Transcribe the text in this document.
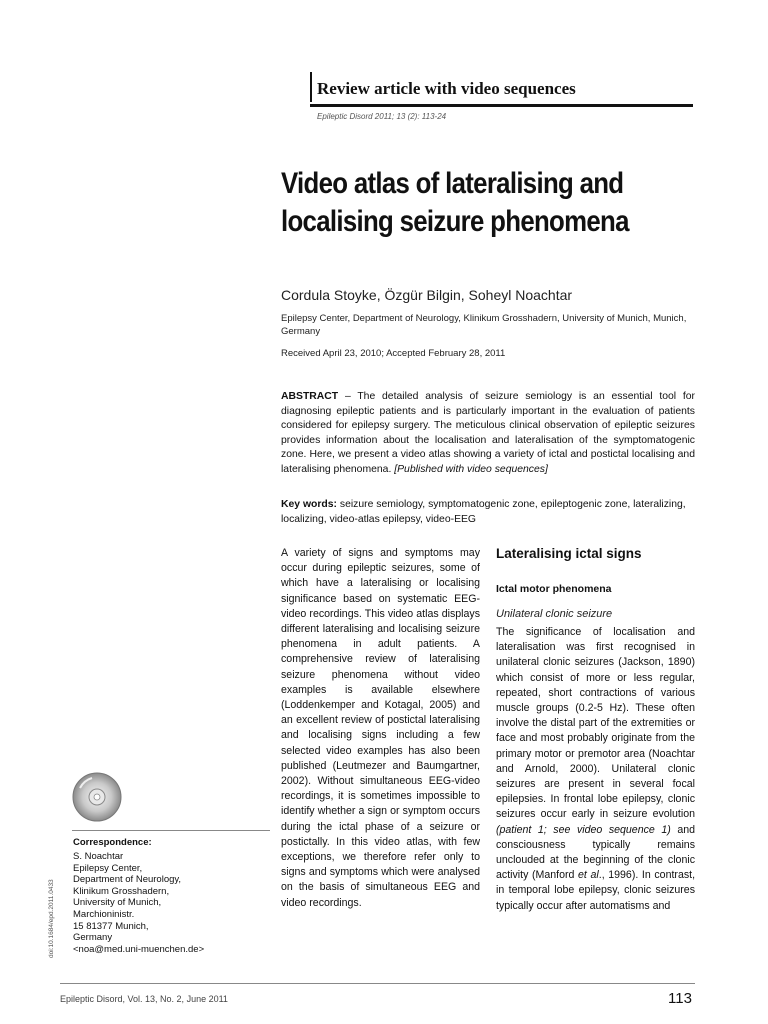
Review article with video sequences
Epileptic Disord 2011; 13 (2): 113-24
Video atlas of lateralising and localising seizure phenomena
Cordula Stoyke, Özgür Bilgin, Soheyl Noachtar
Epilepsy Center, Department of Neurology, Klinikum Grosshadern, University of Munich, Munich, Germany
Received April 23, 2010; Accepted February 28, 2011
ABSTRACT – The detailed analysis of seizure semiology is an essential tool for diagnosing epileptic patients and is particularly important in the evaluation of patients considered for epilepsy surgery. The meticulous clinical observation of epileptic seizures provides information about the localisation and lateralisation of the symptomatogenic zone. Here, we present a video atlas showing a variety of ictal and postictal localising and lateralising phenomena. [Published with video sequences]
Key words: seizure semiology, symptomatogenic zone, epileptogenic zone, lateralizing, localizing, video-atlas epilepsy, video-EEG
A variety of signs and symptoms may occur during epileptic seizures, some of which have a lateralising or localising significance based on systematic EEG-video recordings. This video atlas displays different lateralising and localising seizure phenomena in adult patients. A comprehensive review of lateralising seizure phenomena without video examples is available elsewhere (Loddenkemper and Kotagal, 2005) and an excellent review of postictal lateralising and localising signs including a few selected video examples has also been published (Leutmezer and Baumgartner, 2002). Without simultaneous EEG-video recordings, it is sometimes impossible to identify whether a sign or symptom occurs during the ictal phase of a seizure or postictally. In this video atlas, with few exceptions, we therefore refer only to signs and symptoms which were analysed on the basis of simultaneous EEG and video recordings.
Lateralising ictal signs
Ictal motor phenomena
Unilateral clonic seizure
The significance of localisation and lateralisation was first recognised in unilateral clonic seizures (Jackson, 1890) which consist of more or less regular, repeated, short contractions of various muscle groups (0.2-5 Hz). These often involve the distal part of the extremities or face and most probably originate from the primary motor or premotor area (Noachtar and Arnold, 2000). Unilateral clonic seizures are present in several focal epilepsies. In frontal lobe epilepsy, clonic seizures occur early in seizure evolution (patient 1; see video sequence 1) and consciousness typically remains unclouded at the beginning of the clonic activity (Manford et al., 1996). In contrast, in temporal lobe epilepsy, clonic seizures typically occur after automatisms and
Correspondence:
S. Noachtar
Epilepsy Center,
Department of Neurology,
Klinikum Grosshadern,
University of Munich,
Marchioninistr.
15 81377 Munich,
Germany
<noa@med.uni-muenchen.de>
doi:10.1684/epd.2011.0433
Epileptic Disord, Vol. 13, No. 2, June 2011	113
